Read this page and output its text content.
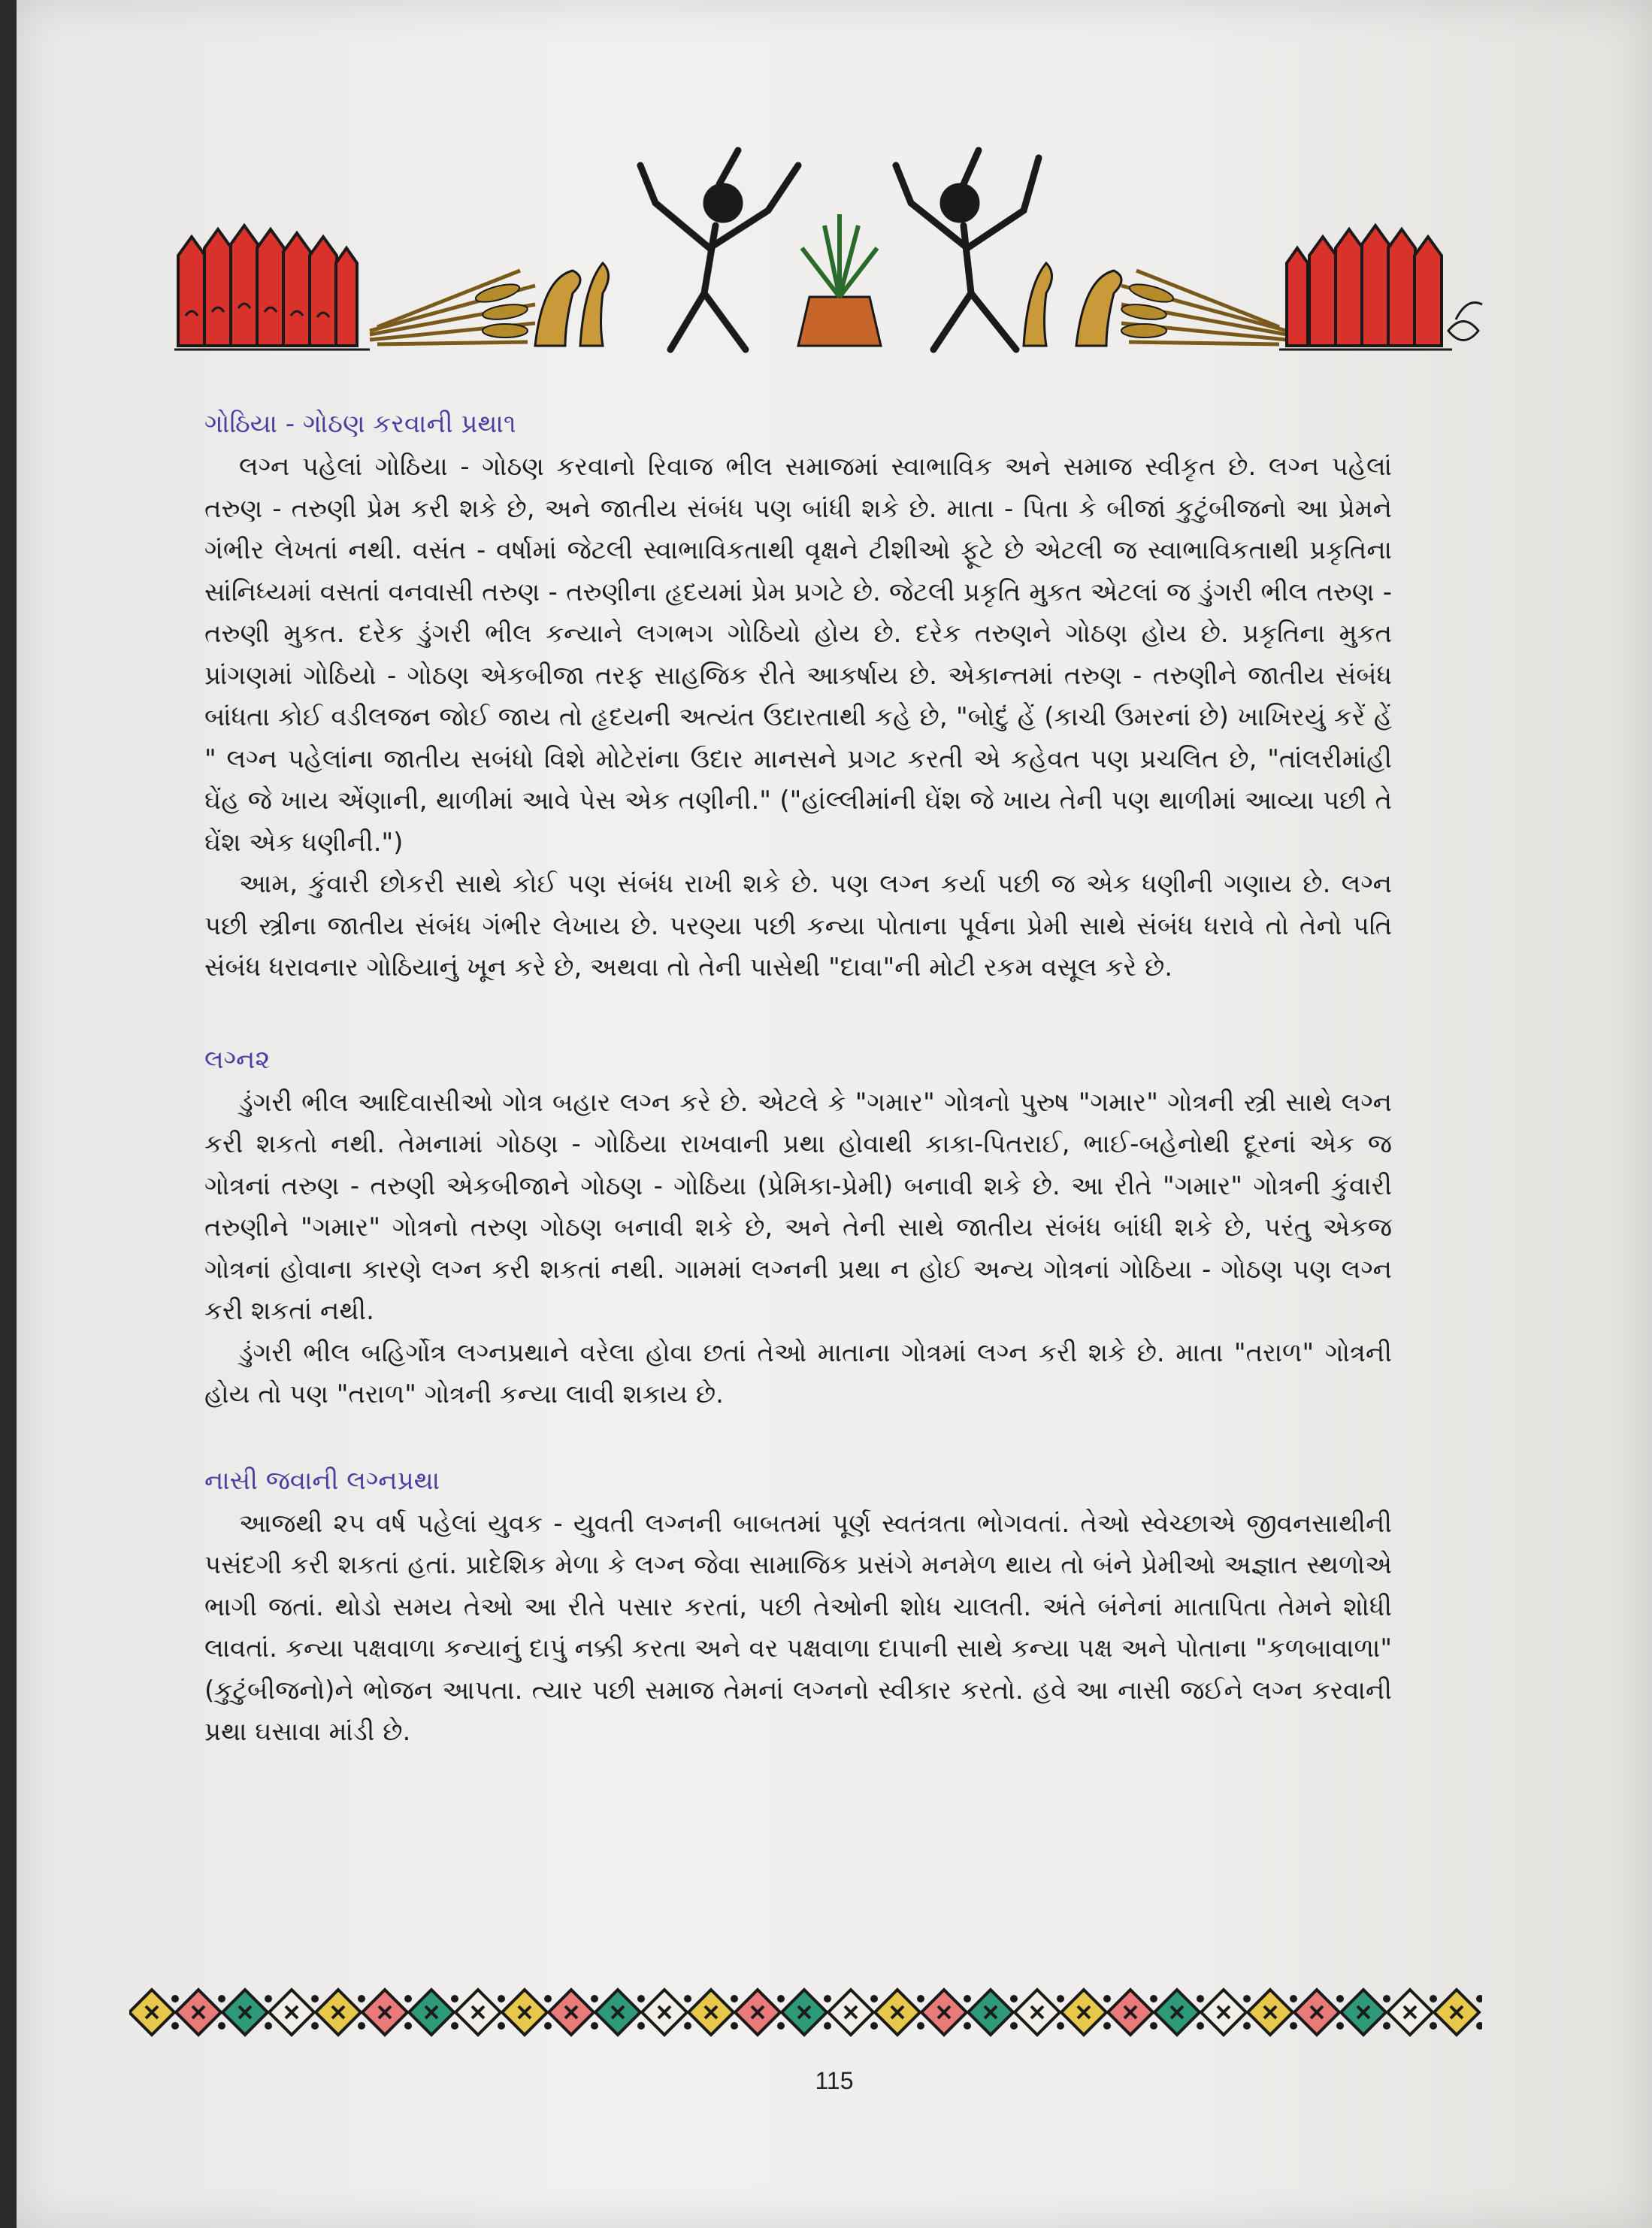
ગોઠિયા - ગોઠણ કરવાની પ્રથા૧

લગ્ન પહેલાં ગોઠિયા - ગોઠણ કરવાનો રિવાજ ભીલ સમાજમાં સ્વાભાવિક અને સમાજ સ્વીકૃત છે. લગ્ન પહેલાં તરુણ - તરુણી પ્રેમ કરી શકે છે, અને જાતીય સંબંધ પણ બાંધી શકે છે. માતા - પિતા કે બીજાં કુટુંબીજનો આ પ્રેમને ગંભીર લેખતાં નથી. વસંત - વર્ષામાં જેટલી સ્વાભાવિકતાથી વૃક્ષને ટીશીઓ ફૂટે છે એટલી જ સ્વાભાવિકતાથી પ્રકૃતિના સાંનિધ્યમાં વસતાં વનવાસી તરુણ - તરુણીના હૃદયમાં પ્રેમ પ્રગટે છે. જેટલી પ્રકૃતિ મુકત એટલાં જ ડુંગરી ભીલ તરુણ - તરુણી મુકત. દરેક ડુંગરી ભીલ કન્યાને લગભગ ગોઠિયો હોય છે. દરેક તરુણને ગોઠણ હોય છે. પ્રકૃતિના મુકત પ્રાંગણમાં ગોઠિયો - ગોઠણ એકબીજા તરફ સાહજિક રીતે આકર્ષાય છે. એકાન્તમાં તરુણ - તરુણીને જાતીય સંબંધ બાંધતા કોઈ વડીલજન જોઈ જાય તો હૃદયની અત્યંત ઉદારતાથી કહે છે, "બોદું હેં (કાચી ઉમરનાં છે) ખાખિરયું કરેં હેં " લગ્ન પહેલાંના જાતીય સબંધો વિશે મોટેરાંના ઉદાર માનસને પ્રગટ કરતી એ કહેવત પણ પ્રચલિત છે, "તાંલરીમાંહી ઘેંહ જે ખાય એંણાની, થાળીમાં આવે પેસ એક તણીની." ("હાંલ્લીમાંની ઘેંશ જે ખાય તેની પણ થાળીમાં આવ્યા પછી તે ઘેંશ એક ધણીની.")

આમ, કુંવારી છોકરી સાથે કોઈ પણ સંબંધ રાખી શકે છે. પણ લગ્ન કર્યા પછી જ એક ધણીની ગણાય છે. લગ્ન પછી સ્ત્રીના જાતીય સંબંધ ગંભીર લેખાય છે. પરણ્યા પછી કન્યા પોતાના પૂર્વના પ્રેમી સાથે સંબંધ ધરાવે તો તેનો પતિ સંબંધ ધરાવનાર ગોઠિયાનું ખૂન કરે છે, અથવા તો તેની પાસેથી "દાવા"ની મોટી રકમ વસૂલ કરે છે.

લગ્ન૨

ડુંગરી ભીલ આદિવાસીઓ ગોત્ર બહાર લગ્ન કરે છે. એટલે કે "ગમાર" ગોત્રનો પુરુષ "ગમાર" ગોત્રની સ્ત્રી સાથે લગ્ન કરી શકતો નથી. તેમનામાં ગોઠણ - ગોઠિયા રાખવાની પ્રથા હોવાથી કાકા-પિતરાઈ, ભાઈ-બહેનોથી દૂરનાં એક જ ગોત્રનાં તરુણ - તરુણી એકબીજાને ગોઠણ - ગોઠિયા (પ્રેમિકા-પ્રેમી) બનાવી શકે છે. આ રીતે "ગમાર" ગોત્રની કુંવારી તરુણીને "ગમાર" ગોત્રનો તરુણ ગોઠણ બનાવી શકે છે, અને તેની સાથે જાતીય સંબંધ બાંધી શકે છે, પરંતુ એકજ ગોત્રનાં હોવાના કારણે લગ્ન કરી શકતાં નથી. ગામમાં લગ્નની પ્રથા ન હોઈ અન્ય ગોત્રનાં ગોઠિયા - ગોઠણ પણ લગ્ન કરી શકતાં નથી.

ડુંગરી ભીલ બહિર્ગોત્ર લગ્નપ્રથાને વરેલા હોવા છતાં તેઓ માતાના ગોત્રમાં લગ્ન કરી શકે છે. માતા "તરાળ" ગોત્રની હોય તો પણ "તરાળ" ગોત્રની કન્યા લાવી શકાય છે.

નાસી જવાની લગ્નપ્રથા

આજથી ૨૫ વર્ષ પહેલાં યુવક - યુવતી લગ્નની બાબતમાં પૂર્ણ સ્વતંત્રતા ભોગવતાં. તેઓ સ્વેચ્છાએ જીવનસાથીની પસંદગી કરી શકતાં હતાં. પ્રાદેશિક મેળા કે લગ્ન જેવા સામાજિક પ્રસંગે મનમેળ થાય તો બંને પ્રેમીઓ અજ્ઞાત સ્થળોએ ભાગી જતાં. થોડો સમય તેઓ આ રીતે પસાર કરતાં, પછી તેઓની શોધ ચાલતી. અંતે બંનેનાં માતાપિતા તેમને શોધી લાવતાં. કન્યા પક્ષવાળા કન્યાનું દાપું નક્કી કરતા અને વર પક્ષવાળા દાપાની સાથે કન્યા પક્ષ અને પોતાના "કળબાવાળા" (કુટુંબીજનો)ને ભોજન આપતા. ત્યાર પછી સમાજ તેમનાં લગ્નનો સ્વીકાર કરતો. હવે આ નાસી જઈને લગ્ન કરવાની પ્રથા ઘસાવા માંડી છે.

115
